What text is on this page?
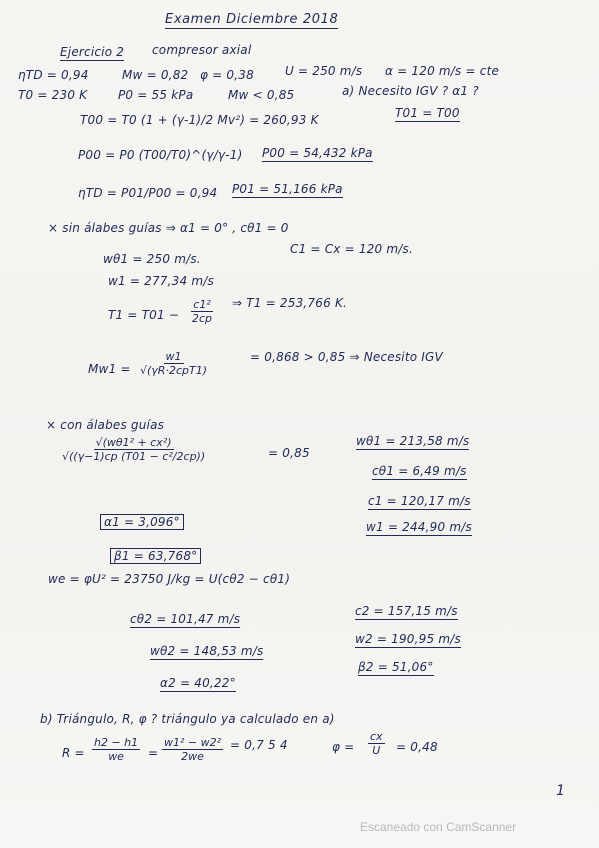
Examen Diciembre 2018
Ejercicio 2 compresor axial
ηTD = 0,94	Mw = 0,82 φ = 0,38	U = 250 m/s α = 120 m/s = cte
T0 = 230 K	P0 = 55 kPa	Mw < 0,85	a) Necesito IGV ? α1 ?
T00 = T0 (1 + (γ-1)/2 Mv²) = 260,93 K	T01 = T00
P00 = P0 (T00/T0)^(γ/γ-1) P00 = 54,432 kPa
ηTD = P01/P00 = 0,94 P01 = 51,166 kPa
× sin álabes guías ⇒ α1 = 0° , cθ1 = 0
C1 = Cx = 120 m/s.
wθ1 = 250 m/s.
w1 = 277,34 m/s
$T1 = T01 - \frac{\text{c1²}}{2cp}$ ⇒ T1 = 253,766 K.
Mw1 =
w1
√(γR·2cpT1)
= 0,868 > 0,85 ⇒ Necesito IGV
× con álabes guías
$\frac{\text{√(wθ1² + cx²)}}{\text{√((γ−1)cp (T01 − c²/2cp))}}$	= 0,85
wθ1 = 213,58 m/s
cθ1 = 6,49 m/s
c1 = 120,17 m/s
w1 = 244,90 m/s
α1 = 3,096°
β1 = 63,768°
we = φU² = 23750 J/kg = U(cθ2 − cθ1)
cθ2 = 101,47 m/s
wθ2 = 148,53 m/s
α2 = 40,22°
c2 = 157,15 m/s
w2 = 190,95 m/s
β2 = 51,06°
b) Triángulo, R, φ ? triángulo ya calculado en a)
$R = \frac{h2 - h1}{we} = \frac{\text{w1² − w2²}}{2we} = 0,7$ 5 4	$\varphi = \frac{cx}{U} = 0,48$
1
Escaneado con CamScanner
